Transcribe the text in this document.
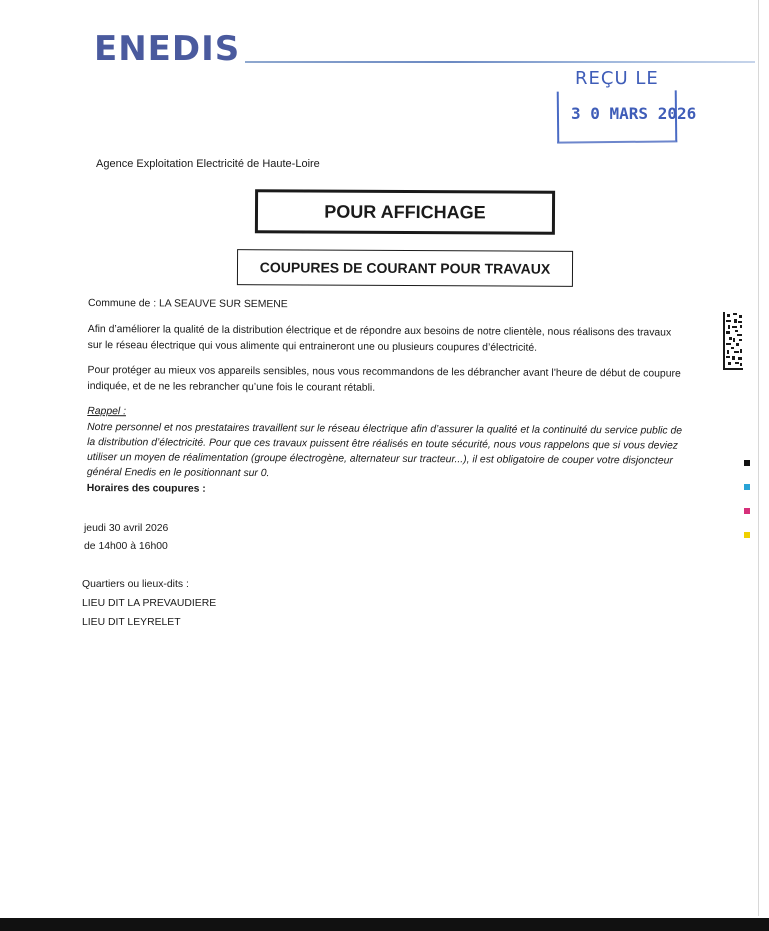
ENEDIS
REÇU LE
3 0 MARS 2026
Agence Exploitation Electricité de Haute-Loire
POUR AFFICHAGE
COUPURES DE COURANT POUR TRAVAUX
Commune de : LA SEAUVE SUR SEMENE
Afin d’améliorer la qualité de la distribution électrique et de répondre aux besoins de notre clientèle, nous réalisons des travaux sur le réseau électrique qui vous alimente qui entraineront une ou plusieurs coupures d’électricité.
Pour protéger au mieux vos appareils sensibles, nous vous recommandons de les débrancher avant l’heure de début de coupure indiquée, et de ne les rebrancher qu’une fois le courant rétabli.
Rappel :
Notre personnel et nos prestataires travaillent sur le réseau électrique afin d’assurer la qualité et la continuité du service public de la distribution d’électricité. Pour que ces travaux puissent être réalisés en toute sécurité, nous vous rappelons que si vous deviez utiliser un moyen de réalimentation (groupe électrogène, alternateur sur tracteur...), il est obligatoire de couper votre disjoncteur général Enedis en le positionnant sur 0.
Horaires des coupures :
jeudi 30 avril 2026
de 14h00 à 16h00
Quartiers ou lieux-dits :
LIEU DIT LA PREVAUDIERE
LIEU DIT LEYRELET
